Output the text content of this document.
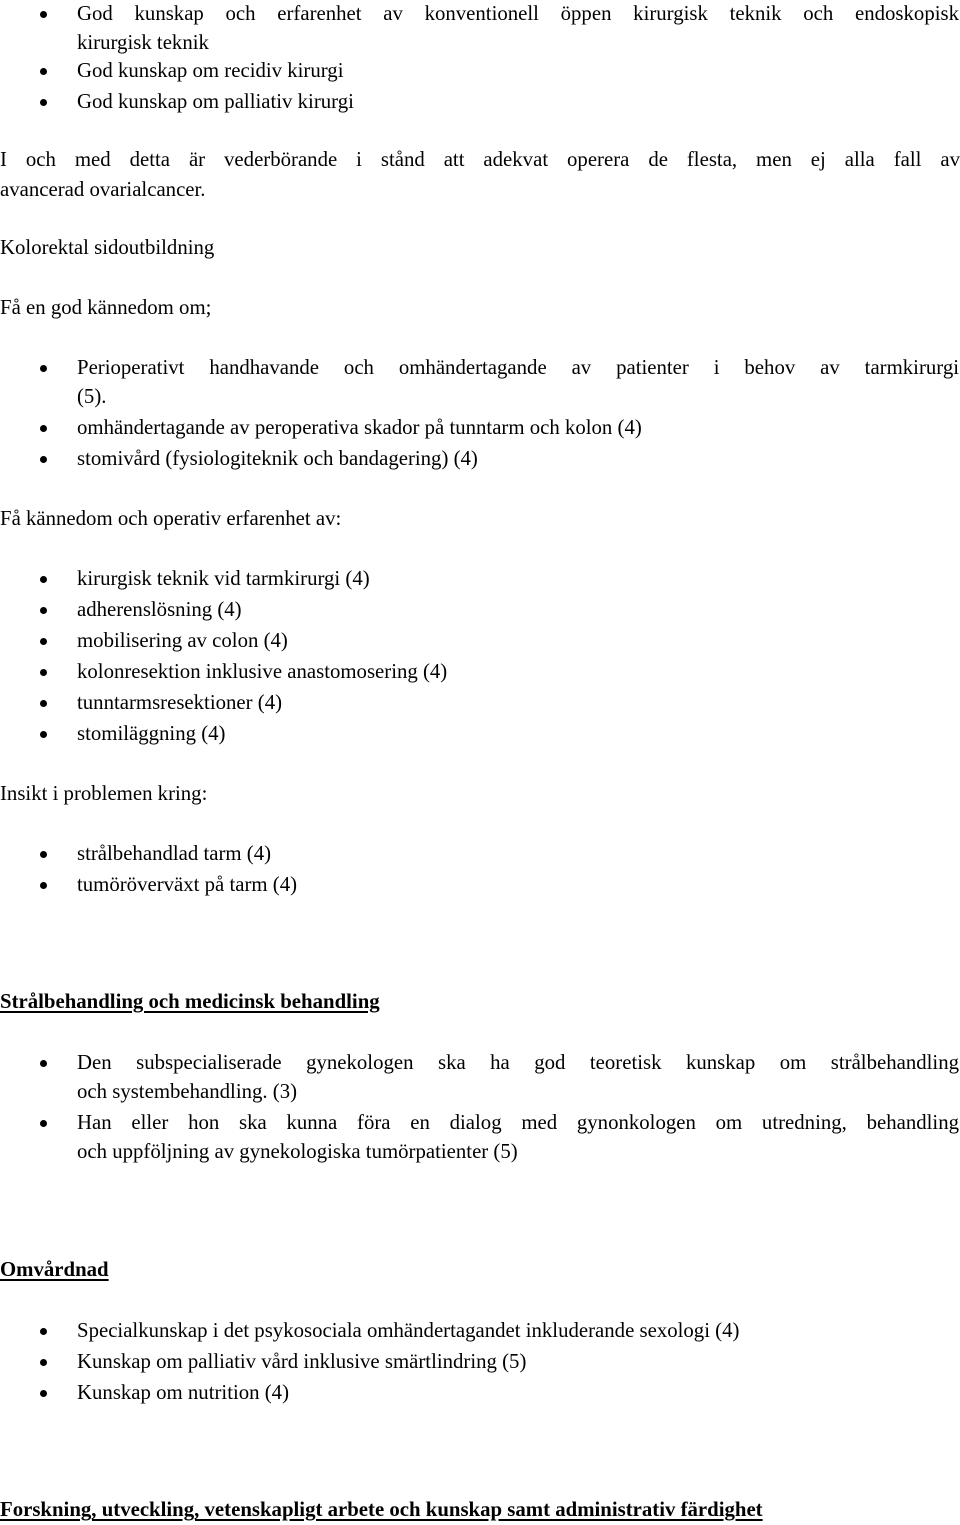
God kunskap och erfarenhet av konventionell öppen kirurgisk teknik och endoskopisk
kirurgisk teknik
God kunskap om recidiv kirurgi
God kunskap om palliativ kirurgi
I och med detta är vederbörande i stånd att adekvat operera de flesta, men ej alla fall av
avancerad ovarialcancer.
Kolorektal sidoutbildning
Få en god kännedom om;
Perioperativt handhavande och omhändertagande av patienter i behov av tarmkirurgi
(5).
omhändertagande av peroperativa skador på tunntarm och kolon (4)
stomivård (fysiologiteknik och bandagering) (4)
Få kännedom och operativ erfarenhet av:
kirurgisk teknik vid tarmkirurgi (4)
adherenslösning (4)
mobilisering av colon (4)
kolonresektion inklusive anastomosering (4)
tunntarmsresektioner (4)
stomiläggning (4)
Insikt i problemen kring:
strålbehandlad tarm (4)
tumöröverväxt på tarm (4)
Strålbehandling och medicinsk behandling
Den subspecialiserade gynekologen ska ha god teoretisk kunskap om strålbehandling
och systembehandling. (3)
Han eller hon ska kunna föra en dialog med gynonkologen om utredning, behandling
och uppföljning av gynekologiska tumörpatienter (5)
Omvårdnad
Specialkunskap i det psykosociala omhändertagandet inkluderande sexologi (4)
Kunskap om palliativ vård inklusive smärtlindring (5)
Kunskap om nutrition (4)
Forskning, utveckling, vetenskapligt arbete och kunskap samt administrativ färdighet
